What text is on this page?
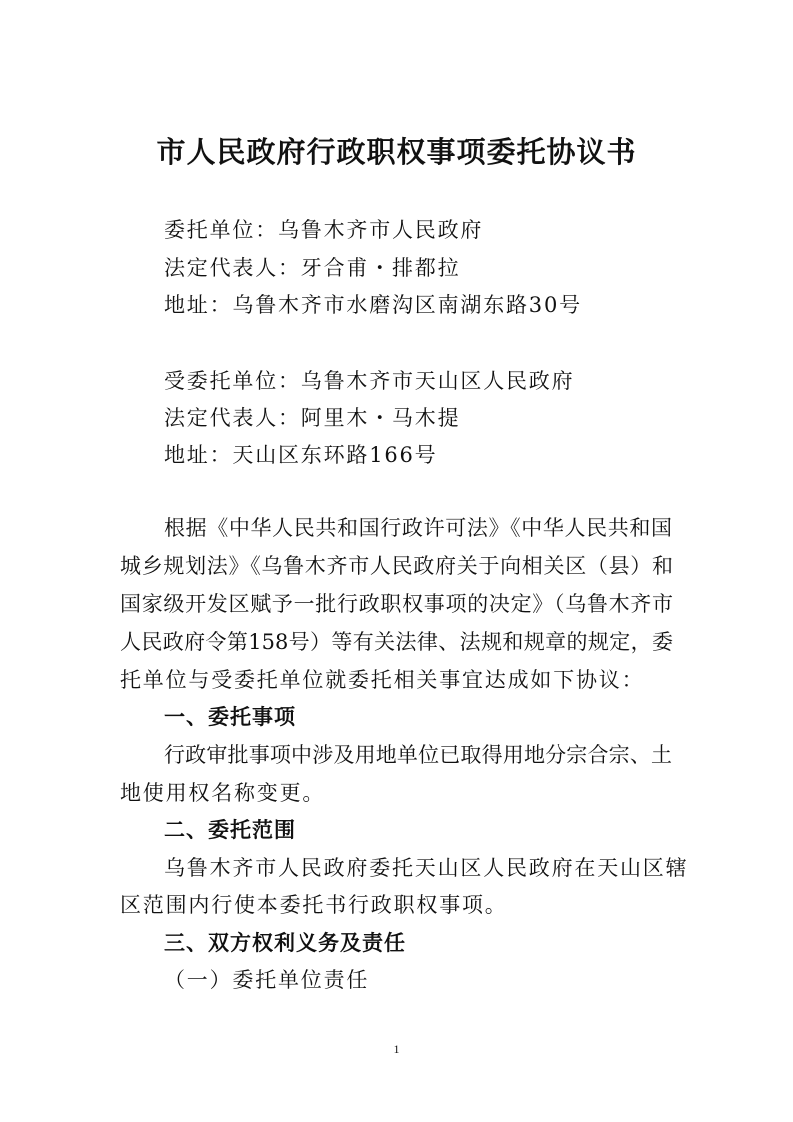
市人民政府行政职权事项委托协议书
委托单位：乌鲁木齐市人民政府
法定代表人：牙合甫・排都拉
地址：乌鲁木齐市水磨沟区南湖东路30号
受委托单位：乌鲁木齐市天山区人民政府
法定代表人：阿里木・马木提
地址：天山区东环路166号
根据《中华人民共和国行政许可法》《中华人民共和国
城乡规划法》《乌鲁木齐市人民政府关于向相关区（县）和
国家级开发区赋予一批行政职权事项的决定》（乌鲁木齐市
人民政府令第158号）等有关法律、法规和规章的规定，委
托单位与受委托单位就委托相关事宜达成如下协议：
一、委托事项
行政审批事项中涉及用地单位已取得用地分宗合宗、土
地使用权名称变更。
二、委托范围
乌鲁木齐市人民政府委托天山区人民政府在天山区辖
区范围内行使本委托书行政职权事项。
三、双方权利义务及责任
（一）委托单位责任
1
